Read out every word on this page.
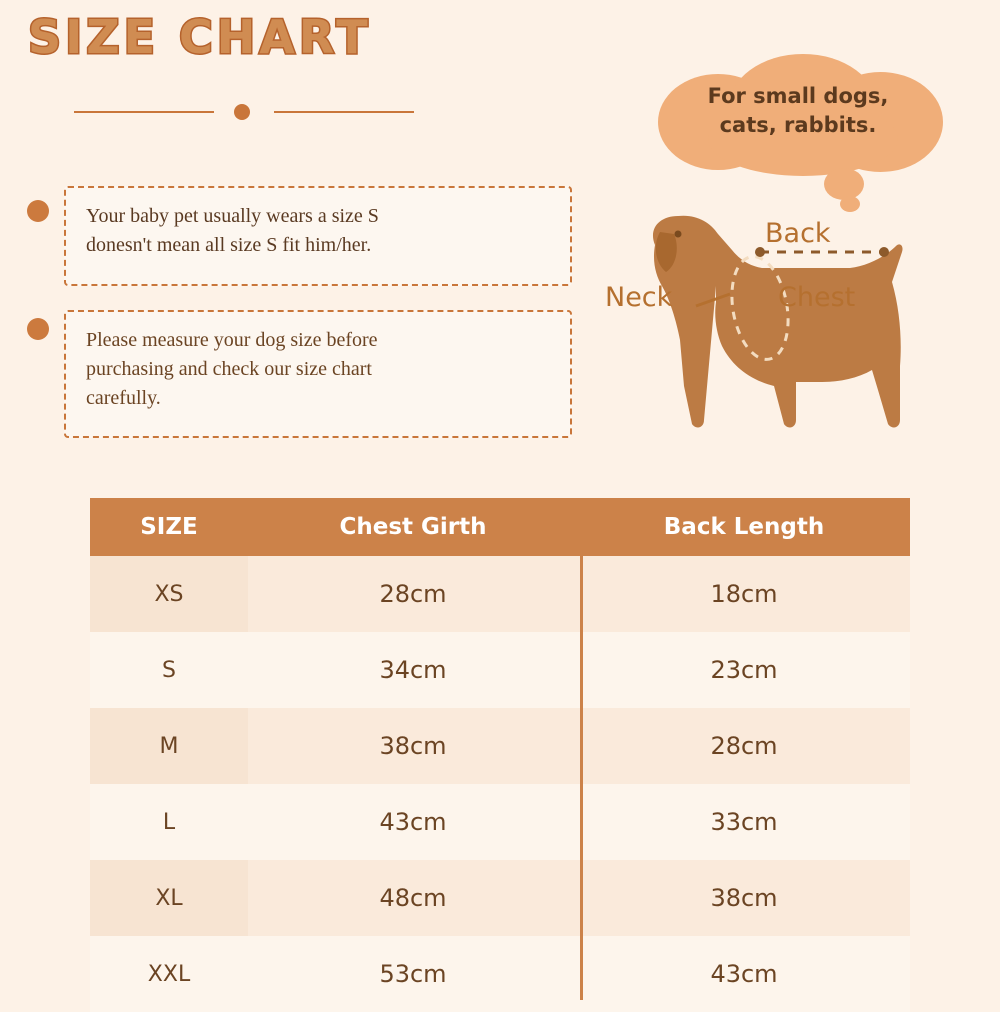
SIZE CHART
Your baby pet usually wears a size S
donesn't mean all size S fit him/her.
Please measure your dog size before
purchasing and check our size chart
carefully.
For small dogs,
cats, rabbits.
Neck
Back
Chest
SIZE	Chest Girth	Back Length
XS	28cm	18cm
S	34cm	23cm
M	38cm	28cm
L	43cm	33cm
XL	48cm	38cm
XXL	53cm	43cm
